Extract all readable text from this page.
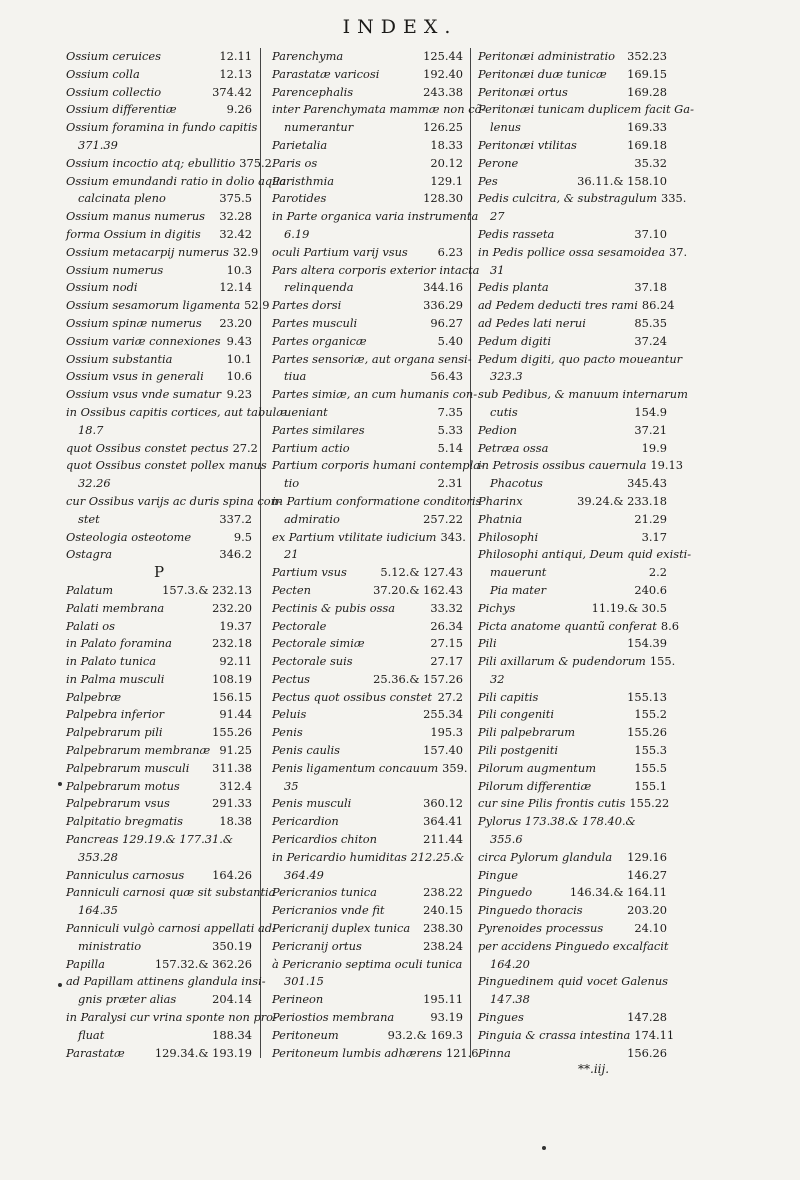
INDEX.
Ossium ceruices	12.11
Ossium colla	12.13
Ossium collectio	374.42
Ossium differentiæ	9.26
Ossium foramina in fundo capitis
371.39
Ossium incoctio atq; ebullitio 375.2
Ossium emundandi ratio in dolio aqua
calcinata pleno	375.5
Ossium manus numerus 32.28
forma Ossium in digitis 32.42
Ossium metacarpij numerus 32.9
Ossium numerus	10.3
Ossium nodi	12.14
Ossium sesamorum ligamenta 52.9
Ossium spinæ numerus 23.20
Ossium variæ connexiones 9.43
Ossium substantia	10.1
Ossium vsus in generali 10.6
Ossium vsus vnde sumatur 9.23
in Ossibus capitis cortices, aut tabulæ
18.7
quot Ossibus constet pectus 27.2
quot Ossibus constet pollex manus
32.26
cur Ossibus varijs ac duris spina con-
stet	337.2
Osteologia osteotome	9.5
Ostagra	346.2
P
Palatum	157.3.& 232.13
Palati membrana	232.20
Palati os	19.37
in Palato foramina	232.18
in Palato tunica	92.11
in Palma musculi	108.19
Palpebræ	156.15
Palpebra inferior	91.44
Palpebrarum pili	155.26
Palpebrarum membranæ 91.25
Palpebrarum musculi 311.38
Palpebrarum motus	312.4
Palpebrarum vsus	291.33
Palpitatio bregmatis	18.38
Pancreas 129.19.& 177.31.&
353.28
Panniculus carnosus 164.26
Panniculi carnosi quæ sit substantia
164.35
Panniculi vulgò carnosi appellati ad-
ministratio	350.19
Papilla	157.32.& 362.26
ad Papillam attinens glandula insi-
gnis præter alias	204.14
in Paralysi cur vrina sponte non pro-
fluat	188.34
Parastatæ	129.34.& 193.19
Parenchyma	125.44
Parastatæ varicosi	192.40
Parencephalis	243.38
inter Parenchymata mammæ non cõ-
numerantur	126.25
Parietalia	18.33
Paris os	20.12
Paristhmia	129.1
Parotides	128.30
in Parte organica varia instrumenta
6.19
oculi Partium varij vsus	6.23
Pars altera corporis exterior intacta
relinquenda	344.16
Partes dorsi	336.29
Partes musculi	96.27
Partes organicæ	5.40
Partes sensoriæ, aut organa sensi-
tiua	56.43
Partes simiæ, an cum humanis con-
ueniant	7.35
Partes similares	5.33
Partium actio	5.14
Partium corporis humani contempla-
tio	2.31
in Partium conformatione conditoris
admiratio	257.22
ex Partium vtilitate iudicium 343.
21
Partium vsus	5.12.& 127.43
Pecten	37.20.& 162.43
Pectinis & pubis ossa	33.32
Pectorale	26.34
Pectorale simiæ	27.15
Pectorale suis	27.17
Pectus	25.36.& 157.26
Pectus quot ossibus constet 27.2
Peluis	255.34
Penis	195.3
Penis caulis	157.40
Penis ligamentum concauum 359.
35
Penis musculi	360.12
Pericardion	364.41
Pericardios chiton	211.44
in Pericardio humiditas 212.25.&
364.49
Pericranios tunica	238.22
Pericranios vnde fit	240.15
Pericranij duplex tunica 238.30
Pericranij ortus	238.24
à Pericranio septima oculi tunica
301.15
Perineon	195.11
Periostios membrana	93.19
Peritoneum	93.2.& 169.3
Peritoneum lumbis adhærens 121.6
Peritonæi administratio 352.23
Peritonæi duæ tunicæ 169.15
Peritonæi ortus	169.28
Peritonæi tunicam duplicem facit Ga-
lenus	169.33
Peritonæi vtilitas	169.18
Perone	35.32
Pes	36.11.& 158.10
Pedis culcitra, & substragulum 335.
27
Pedis rasseta	37.10
in Pedis pollice ossa sesamoidea 37.
31
Pedis planta	37.18
ad Pedem deducti tres rami 86.24
ad Pedes lati nerui	85.35
Pedum digiti	37.24
Pedum digiti, quo pacto moueantur
323.3
sub Pedibus, & manuum internarum
cutis	154.9
Pedion	37.21
Petræa ossa	19.9
in Petrosis ossibus cauernula 19.13
Phacotus	345.43
Pharinx	39.24.& 233.18
Phatnia	21.29
Philosophi	3.17
Philosophi antiqui, Deum quid existi-
mauerunt	2.2
Pia mater	240.6
Pichys	11.19.& 30.5
Picta anatome quantũ conferat 8.6
Pili	154.39
Pili axillarum & pudendorum 155.
32
Pili capitis	155.13
Pili congeniti	155.2
Pili palpebrarum	155.26
Pili postgeniti	155.3
Pilorum augmentum	155.5
Pilorum differentiæ	155.1
cur sine Pilis frontis cutis 155.22
Pylorus 173.38.& 178.40.&
355.6
circa Pylorum glandula 129.16
Pingue	146.27
Pinguedo	146.34.& 164.11
Pinguedo thoracis	203.20
Pyrenoides processus	24.10
per accidens Pinguedo excalfacit
164.20
Pinguedinem quid vocet Galenus
147.38
Pingues	147.28
Pinguia & crassa intestina 174.11
Pinna	156.26
**.iij.
